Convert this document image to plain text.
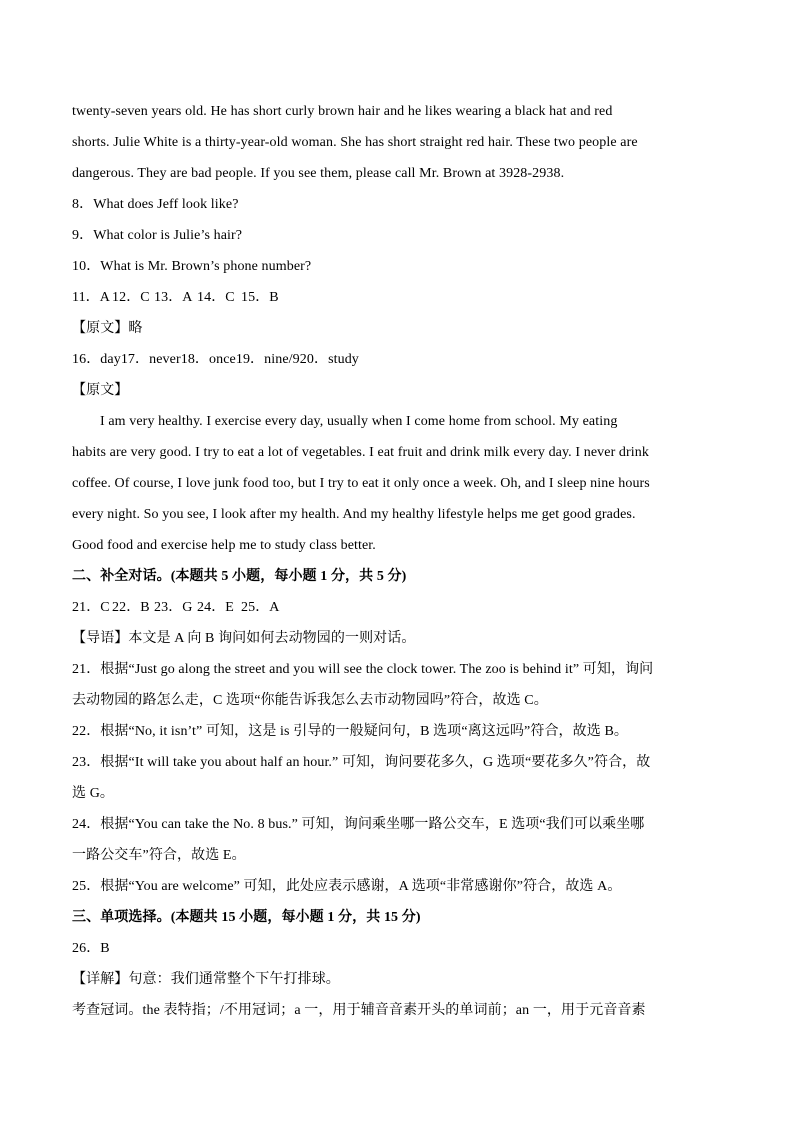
twenty-seven years old. He has short curly brown hair and he likes wearing a black hat and red
shorts. Julie White is a thirty-year-old woman. She has short straight red hair. These two people are
dangerous. They are bad people. If you see them, please call Mr. Brown at 3928-2938.
8．What does Jeff look like?
9．What color is Julie’s hair?
10．What is Mr. Brown’s phone number?
11．A 12．C 13．A 14．C 15．B
【原文】略
16．day17．never18．once19．nine/920．study
【原文】
I am very healthy. I exercise every day, usually when I come home from school. My eating
habits are very good. I try to eat a lot of vegetables. I eat fruit and drink milk every day. I never drink
coffee. Of course, I love junk food too, but I try to eat it only once a week. Oh, and I sleep nine hours
every night. So you see, I look after my health. And my healthy lifestyle helps me get good grades.
Good food and exercise help me to study class better.
二、补全对话。(本题共 5 小题，每小题 1 分，共 5 分)
21．C 22．B 23．G 24．E 25．A
【导语】本文是 A 向 B 询问如何去动物园的一则对话。
21．根据“Just go along the street and you will see the clock tower. The zoo is behind it” 可知，询问
去动物园的路怎么走，C 选项“你能告诉我怎么去市动物园吗”符合，故选 C。
22．根据“No, it isn’t” 可知，这是 is 引导的一般疑问句，B 选项“离这远吗”符合，故选 B。
23．根据“It will take you about half an hour.” 可知，询问要花多久，G 选项“要花多久”符合，故
选 G。
24．根据“You can take the No. 8 bus.” 可知，询问乘坐哪一路公交车，E 选项“我们可以乘坐哪
一路公交车”符合，故选 E。
25．根据“You are welcome” 可知，此处应表示感谢，A 选项“非常感谢你”符合，故选 A。
三、单项选择。(本题共 15 小题，每小题 1 分，共 15 分)
26．B
【详解】句意：我们通常整个下午打排球。
考查冠词。the 表特指；/不用冠词；a 一，用于辅音音素开头的单词前；an 一，用于元音音素
